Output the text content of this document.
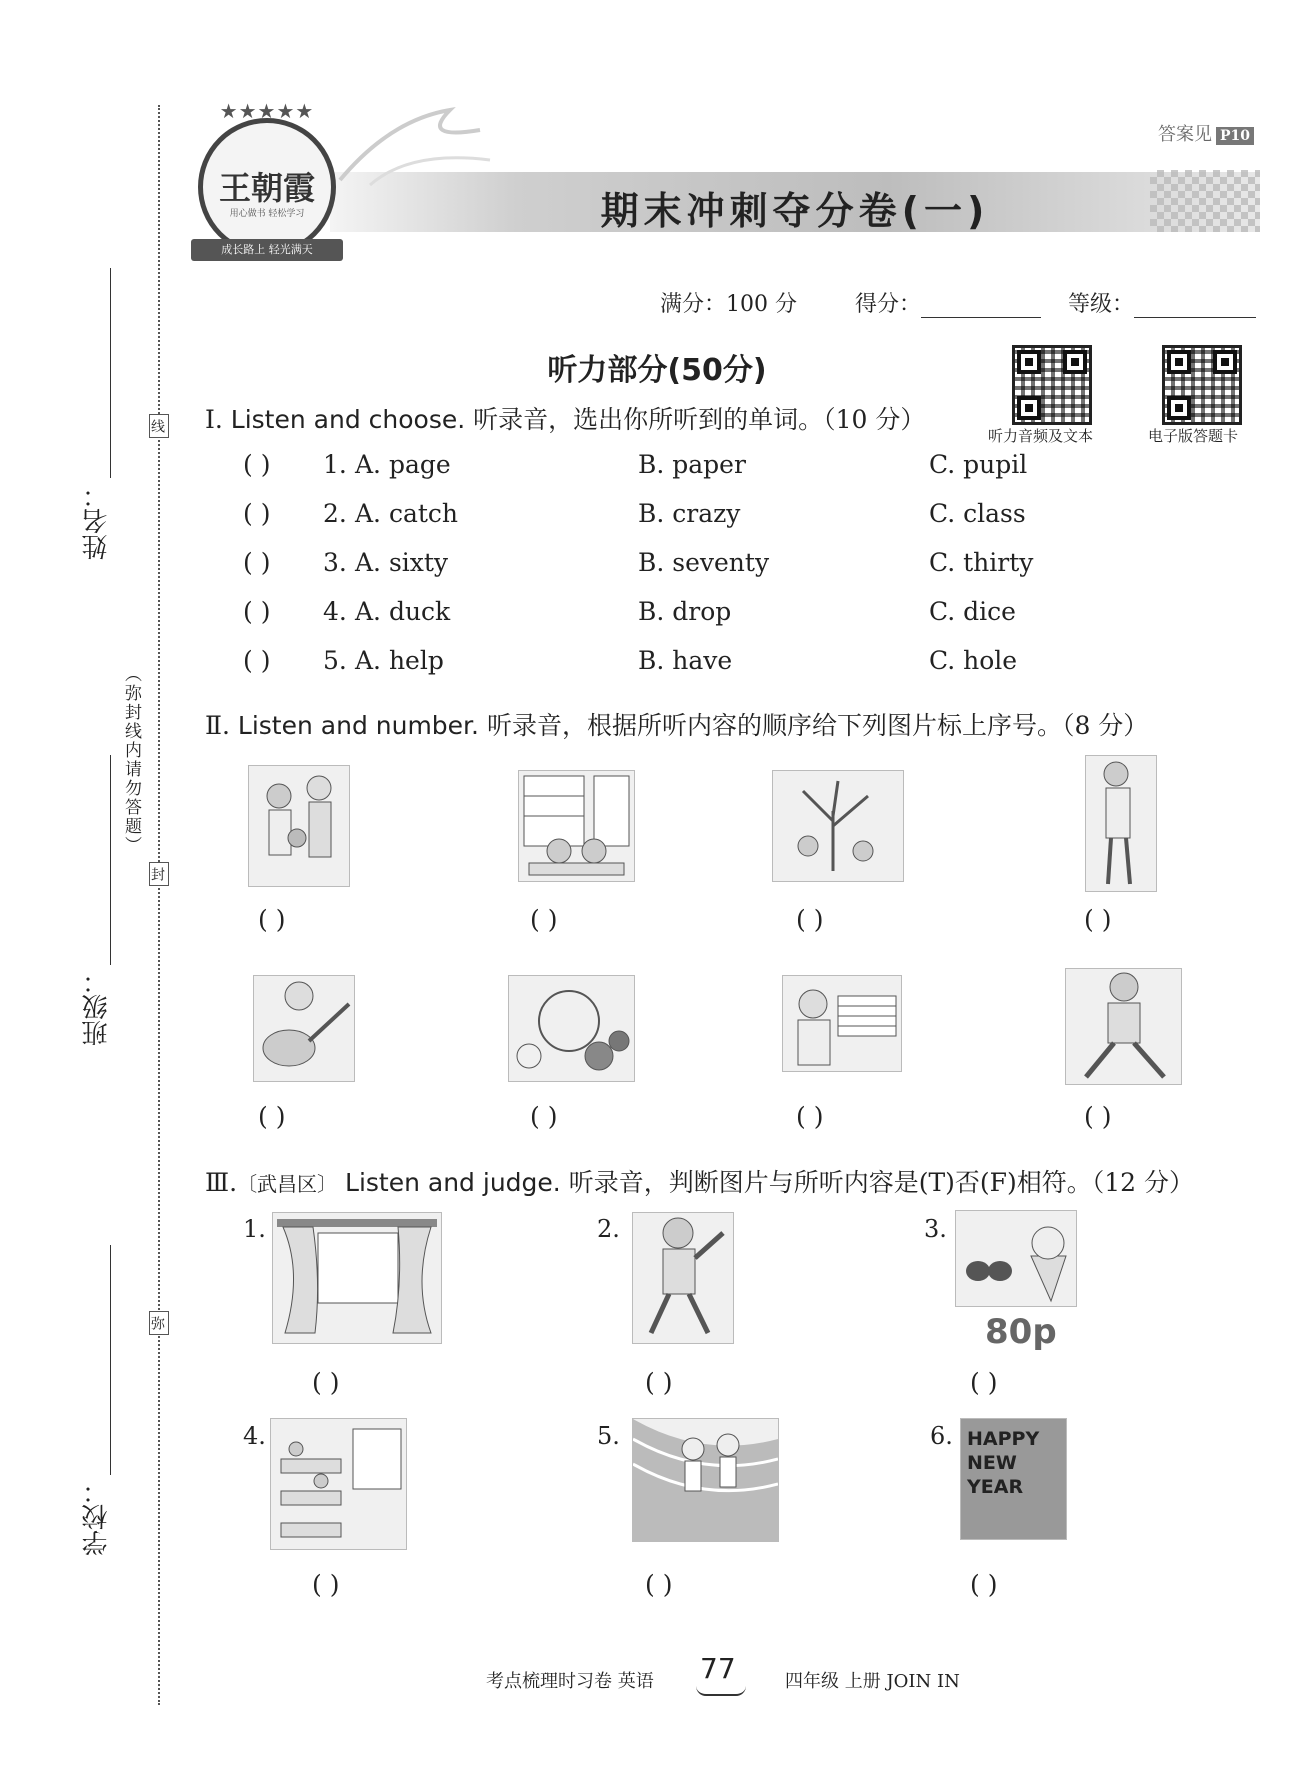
姓名：
班级：
学校：
线
封
弥
（弥封线内请勿答题）
答案见 P10
期末冲刺夺分卷(一)
★★★★★
王朝霞
用心做书 轻松学习
成长路上 轻光满天
满分：100 分	得分：	等级：
听力部分(50分)
听力音频及文本	电子版答题卡
Ⅰ. Listen and choose. 听录音，选出你所听到的单词。（10 分）
( ) 1. A. page	B. paper	C. pupil
( ) 2. A. catch	B. crazy	C. class
( ) 3. A. sixty	B. seventy	C. thirty
( ) 4. A. duck	B. drop	C. dice
( ) 5. A. help	B. have	C. hole
Ⅱ. Listen and number. 听录音，根据所听内容的顺序给下列图片标上序号。（8 分）
( )	( )	( )	( )
( )	( )	( )	( )
Ⅲ.〔武昌区〕 Listen and judge. 听录音，判断图片与所听内容是(T)否(F)相符。（12 分）
1.	2.	3.
80p
( )	( )	( )
4.	5.	6. HAPPY NEW YEAR
( )	( )	( )
考点梳理时习卷 英语 77	四年级 上册 JOIN IN
